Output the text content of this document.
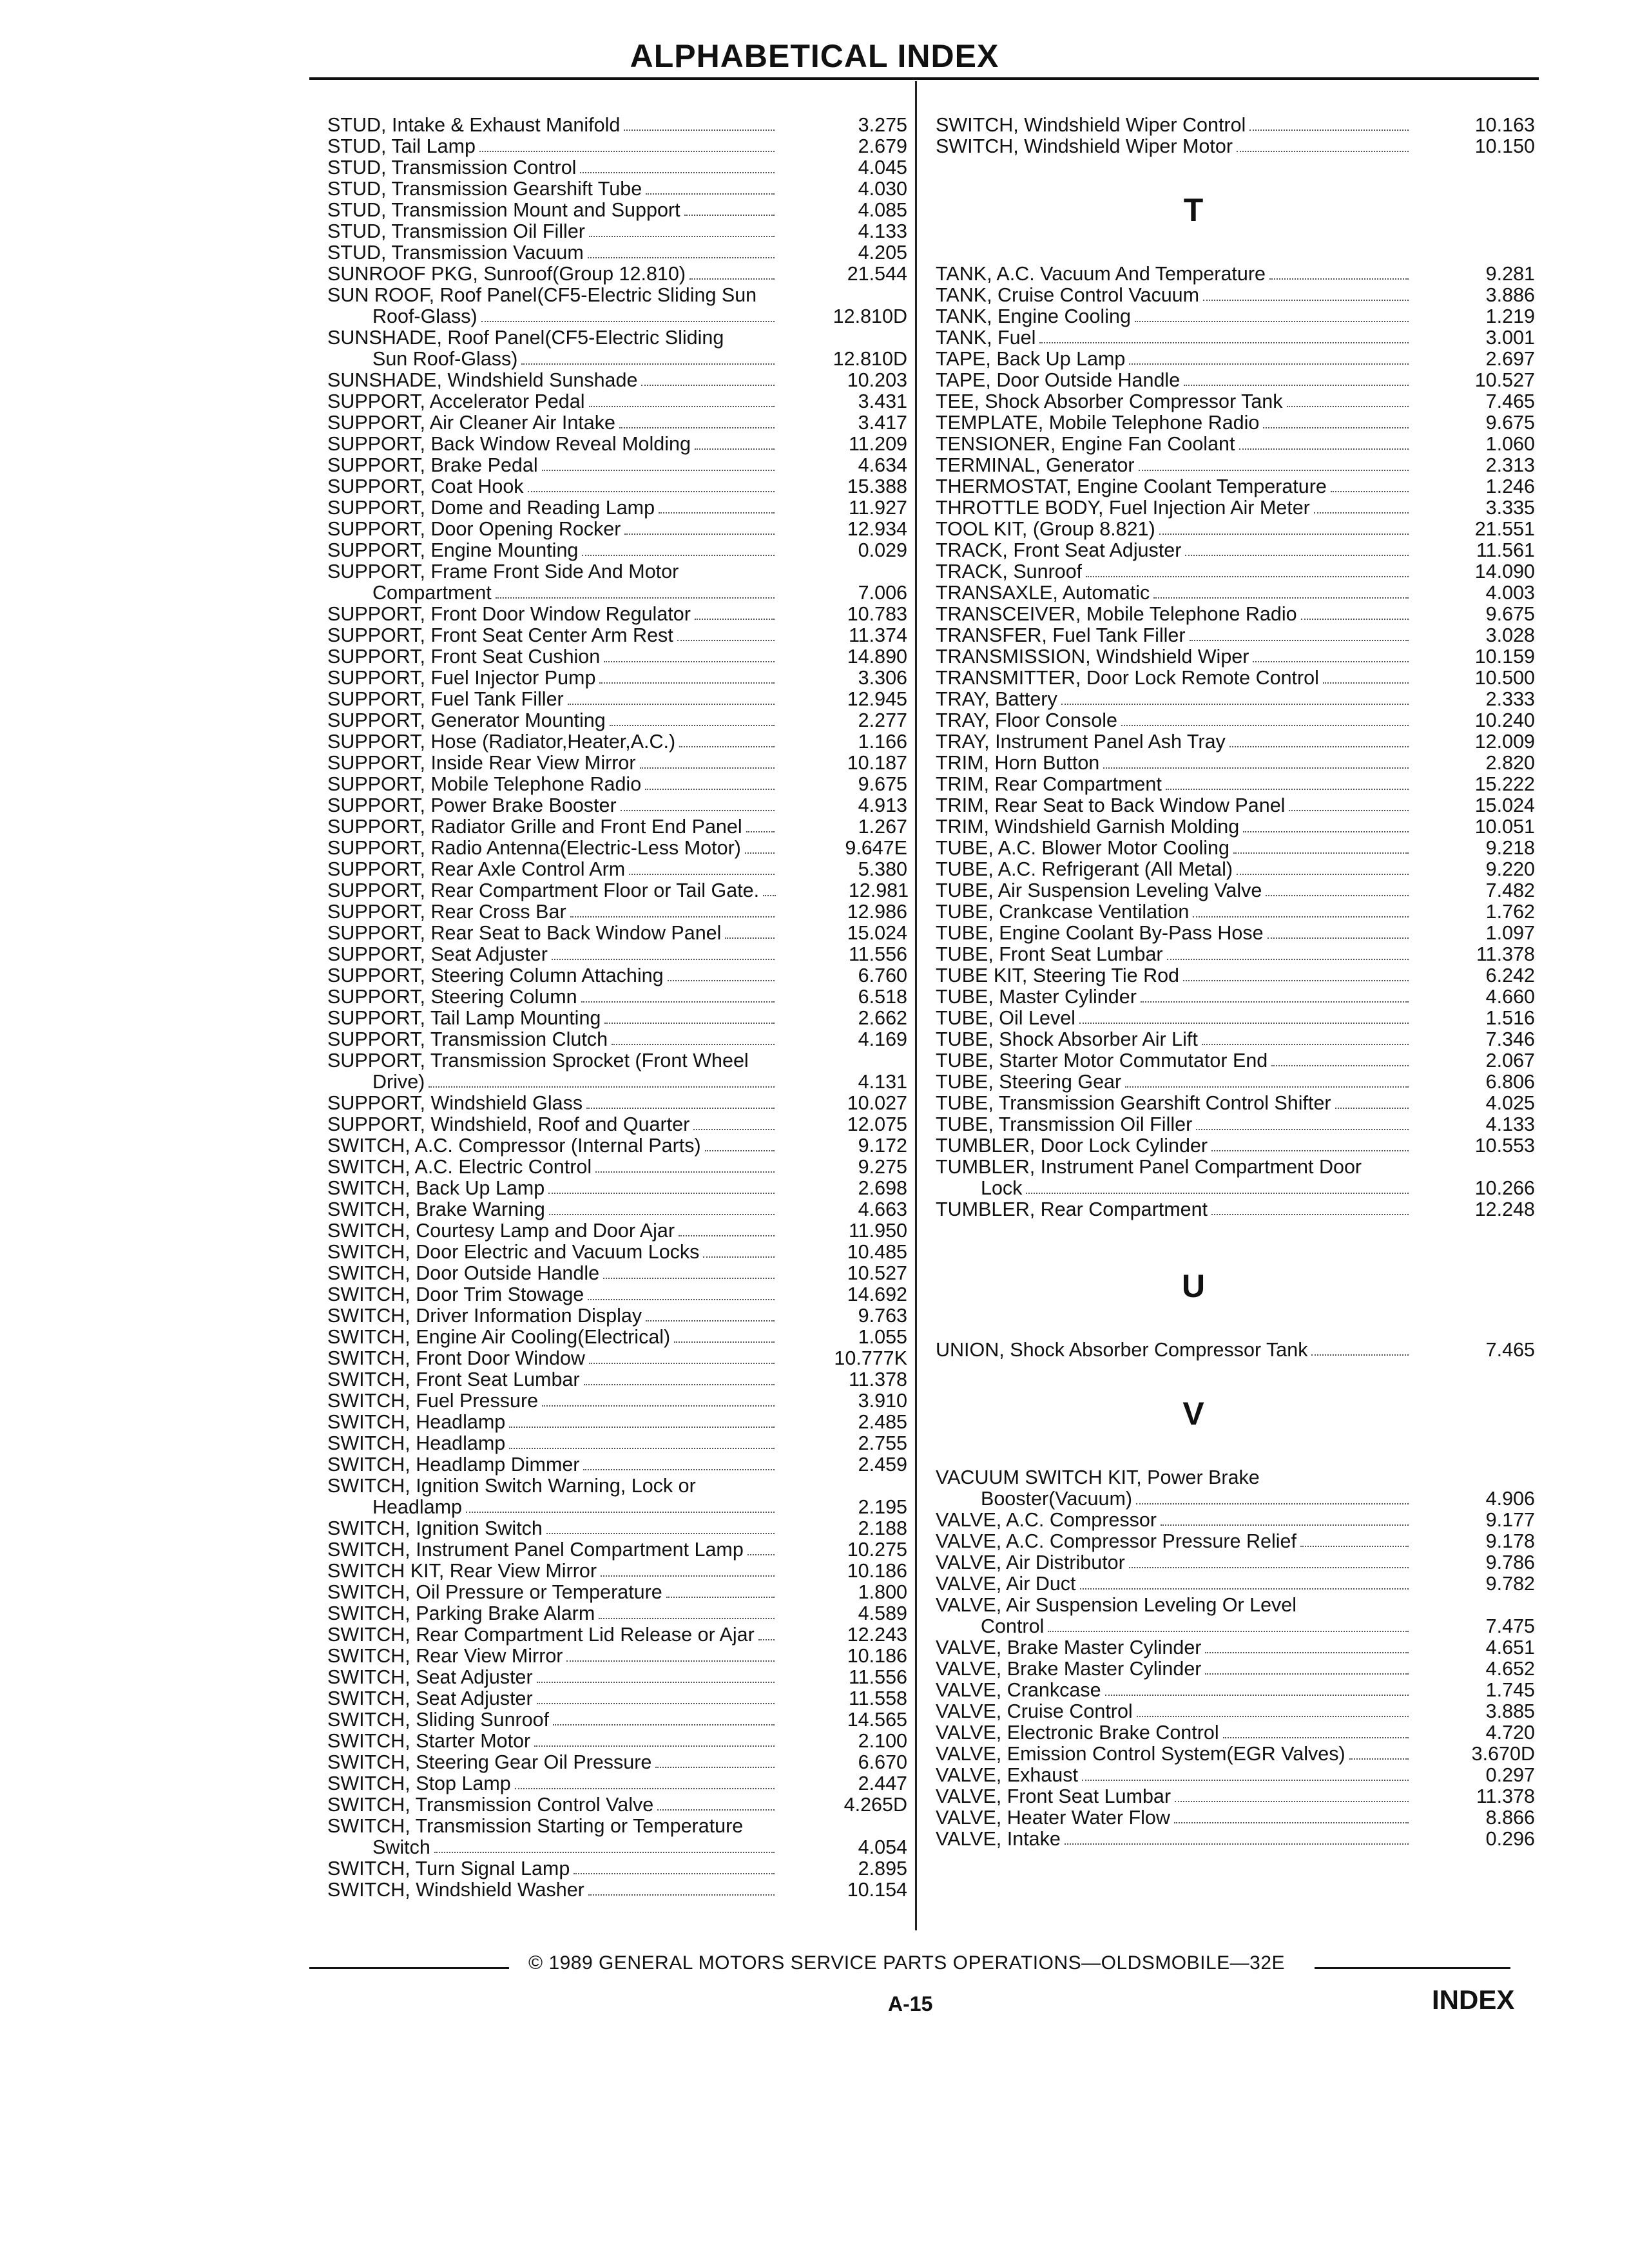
ALPHABETICAL INDEX
STUD, Intake & Exhaust Manifold	3.275
STUD, Tail Lamp	2.679
STUD, Transmission Control	4.045
STUD, Transmission Gearshift Tube	4.030
STUD, Transmission Mount and Support	4.085
STUD, Transmission Oil Filler	4.133
STUD, Transmission Vacuum	4.205
SUNROOF PKG, Sunroof(Group 12.810)	21.544
SUN ROOF, Roof Panel(CF5-Electric Sliding Sun
Roof-Glass)	12.810D
SUNSHADE, Roof Panel(CF5-Electric Sliding
Sun Roof-Glass)	12.810D
SUNSHADE, Windshield Sunshade	10.203
SUPPORT, Accelerator Pedal	3.431
SUPPORT, Air Cleaner Air Intake	3.417
SUPPORT, Back Window Reveal Molding	11.209
SUPPORT, Brake Pedal	4.634
SUPPORT, Coat Hook	15.388
SUPPORT, Dome and Reading Lamp	11.927
SUPPORT, Door Opening Rocker	12.934
SUPPORT, Engine Mounting	0.029
SUPPORT, Frame Front Side And Motor
Compartment	7.006
SUPPORT, Front Door Window Regulator	10.783
SUPPORT, Front Seat Center Arm Rest	11.374
SUPPORT, Front Seat Cushion	14.890
SUPPORT, Fuel Injector Pump	3.306
SUPPORT, Fuel Tank Filler	12.945
SUPPORT, Generator Mounting	2.277
SUPPORT, Hose (Radiator,Heater,A.C.)	1.166
SUPPORT, Inside Rear View Mirror	10.187
SUPPORT, Mobile Telephone Radio	9.675
SUPPORT, Power Brake Booster	4.913
SUPPORT, Radiator Grille and Front End Panel	1.267
SUPPORT, Radio Antenna(Electric-Less Motor)	9.647E
SUPPORT, Rear Axle Control Arm	5.380
SUPPORT, Rear Compartment Floor or Tail Gate.	12.981
SUPPORT, Rear Cross Bar	12.986
SUPPORT, Rear Seat to Back Window Panel	15.024
SUPPORT, Seat Adjuster	11.556
SUPPORT, Steering Column Attaching	6.760
SUPPORT, Steering Column	6.518
SUPPORT, Tail Lamp Mounting	2.662
SUPPORT, Transmission Clutch	4.169
SUPPORT, Transmission Sprocket (Front Wheel
Drive)	4.131
SUPPORT, Windshield Glass	10.027
SUPPORT, Windshield, Roof and Quarter	12.075
SWITCH, A.C. Compressor (Internal Parts)	9.172
SWITCH, A.C. Electric Control	9.275
SWITCH, Back Up Lamp	2.698
SWITCH, Brake Warning	4.663
SWITCH, Courtesy Lamp and Door Ajar	11.950
SWITCH, Door Electric and Vacuum Locks	10.485
SWITCH, Door Outside Handle	10.527
SWITCH, Door Trim Stowage	14.692
SWITCH, Driver Information Display	9.763
SWITCH, Engine Air Cooling(Electrical)	1.055
SWITCH, Front Door Window	10.777K
SWITCH, Front Seat Lumbar	11.378
SWITCH, Fuel Pressure	3.910
SWITCH, Headlamp	2.485
SWITCH, Headlamp	2.755
SWITCH, Headlamp Dimmer	2.459
SWITCH, Ignition Switch Warning, Lock or
Headlamp	2.195
SWITCH, Ignition Switch	2.188
SWITCH, Instrument Panel Compartment Lamp	10.275
SWITCH KIT, Rear View Mirror	10.186
SWITCH, Oil Pressure or Temperature	1.800
SWITCH, Parking Brake Alarm	4.589
SWITCH, Rear Compartment Lid Release or Ajar	12.243
SWITCH, Rear View Mirror	10.186
SWITCH, Seat Adjuster	11.556
SWITCH, Seat Adjuster	11.558
SWITCH, Sliding Sunroof	14.565
SWITCH, Starter Motor	2.100
SWITCH, Steering Gear Oil Pressure	6.670
SWITCH, Stop Lamp	2.447
SWITCH, Transmission Control Valve	4.265D
SWITCH, Transmission Starting or Temperature
Switch	4.054
SWITCH, Turn Signal Lamp	2.895
SWITCH, Windshield Washer	10.154
SWITCH, Windshield Wiper Control	10.163
SWITCH, Windshield Wiper Motor	10.150
T
TANK, A.C. Vacuum And Temperature	9.281
TANK, Cruise Control Vacuum	3.886
TANK, Engine Cooling	1.219
TANK, Fuel	3.001
TAPE, Back Up Lamp	2.697
TAPE, Door Outside Handle	10.527
TEE, Shock Absorber Compressor Tank	7.465
TEMPLATE, Mobile Telephone Radio	9.675
TENSIONER, Engine Fan Coolant	1.060
TERMINAL, Generator	2.313
THERMOSTAT, Engine Coolant Temperature	1.246
THROTTLE BODY, Fuel Injection Air Meter	3.335
TOOL KIT, (Group 8.821)	21.551
TRACK, Front Seat Adjuster	11.561
TRACK, Sunroof	14.090
TRANSAXLE, Automatic	4.003
TRANSCEIVER, Mobile Telephone Radio	9.675
TRANSFER, Fuel Tank Filler	3.028
TRANSMISSION, Windshield Wiper	10.159
TRANSMITTER, Door Lock Remote Control	10.500
TRAY, Battery	2.333
TRAY, Floor Console	10.240
TRAY, Instrument Panel Ash Tray	12.009
TRIM, Horn Button	2.820
TRIM, Rear Compartment	15.222
TRIM, Rear Seat to Back Window Panel	15.024
TRIM, Windshield Garnish Molding	10.051
TUBE, A.C. Blower Motor Cooling	9.218
TUBE, A.C. Refrigerant (All Metal)	9.220
TUBE, Air Suspension Leveling Valve	7.482
TUBE, Crankcase Ventilation	1.762
TUBE, Engine Coolant By-Pass Hose	1.097
TUBE, Front Seat Lumbar	11.378
TUBE KIT, Steering Tie Rod	6.242
TUBE, Master Cylinder	4.660
TUBE, Oil Level	1.516
TUBE, Shock Absorber Air Lift	7.346
TUBE, Starter Motor Commutator End	2.067
TUBE, Steering Gear	6.806
TUBE, Transmission Gearshift Control Shifter	4.025
TUBE, Transmission Oil Filler	4.133
TUMBLER, Door Lock Cylinder	10.553
TUMBLER, Instrument Panel Compartment Door
Lock	10.266
TUMBLER, Rear Compartment	12.248
U
UNION, Shock Absorber Compressor Tank	7.465
V
VACUUM SWITCH KIT, Power Brake
Booster(Vacuum)	4.906
VALVE, A.C. Compressor	9.177
VALVE, A.C. Compressor Pressure Relief	9.178
VALVE, Air Distributor	9.786
VALVE, Air Duct	9.782
VALVE, Air Suspension Leveling Or Level
Control	7.475
VALVE, Brake Master Cylinder	4.651
VALVE, Brake Master Cylinder	4.652
VALVE, Crankcase	1.745
VALVE, Cruise Control	3.885
VALVE, Electronic Brake Control	4.720
VALVE, Emission Control System(EGR Valves)	3.670D
VALVE, Exhaust	0.297
VALVE, Front Seat Lumbar	11.378
VALVE, Heater Water Flow	8.866
VALVE, Intake	0.296
© 1989 GENERAL MOTORS SERVICE PARTS OPERATIONS—OLDSMOBILE—32E
A-15	INDEX
